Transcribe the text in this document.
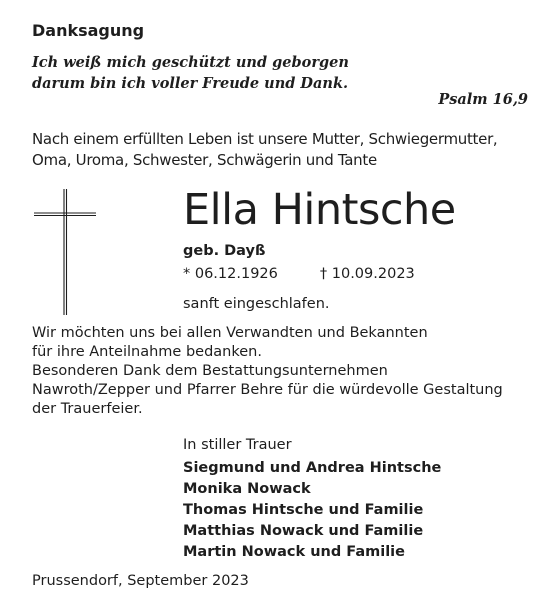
Danksagung
Ich weiß mich geschützt und geborgen
darum bin ich voller Freude und Dank.
Psalm 16,9
Nach einem erfüllten Leben ist unsere Mutter, Schwiegermutter,
Oma, Uroma, Schwester, Schwägerin und Tante
Ella Hintsche
geb. Dayß
* 06.12.1926	† 10.09.2023
sanft eingeschlafen.
Wir möchten uns bei allen Verwandten und Bekannten
für ihre Anteilnahme bedanken.
Besonderen Dank dem Bestattungsunternehmen
Nawroth/Zepper und Pfarrer Behre für die würdevolle Gestaltung
der Trauerfeier.
In stiller Trauer
Siegmund und Andrea Hintsche
Monika Nowack
Thomas Hintsche und Familie
Matthias Nowack und Familie
Martin Nowack und Familie
Prussendorf, September 2023
